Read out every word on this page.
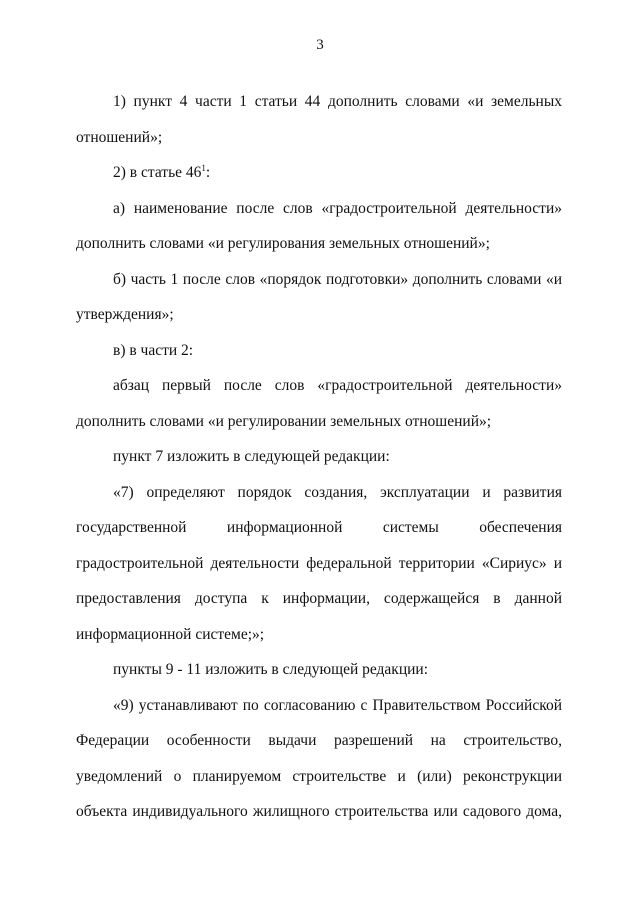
3

1) пункт 4 части 1 статьи 44 дополнить словами «и земельных отношений»;

2) в статье $46^1$:

а) наименование после слов «градостроительной деятельности» дополнить словами «и регулирования земельных отношений»;

б) часть 1 после слов «порядок подготовки» дополнить словами «и утверждения»;

в) в части 2:

абзац первый после слов «градостроительной деятельности» дополнить словами «и регулировании земельных отношений»;

пункт 7 изложить в следующей редакции:

«7) определяют порядок создания, эксплуатации и развития государственной информационной системы обеспечения градостроительной деятельности федеральной территории «Сириус» и предоставления доступа к информации, содержащейся в данной информационной системе;»;

пункты 9 - 11 изложить в следующей редакции:

«9) устанавливают по согласованию с Правительством Российской Федерации особенности выдачи разрешений на строительство, уведомлений о планируемом строительстве и (или) реконструкции объекта индивидуального жилищного строительства или садового дома,
